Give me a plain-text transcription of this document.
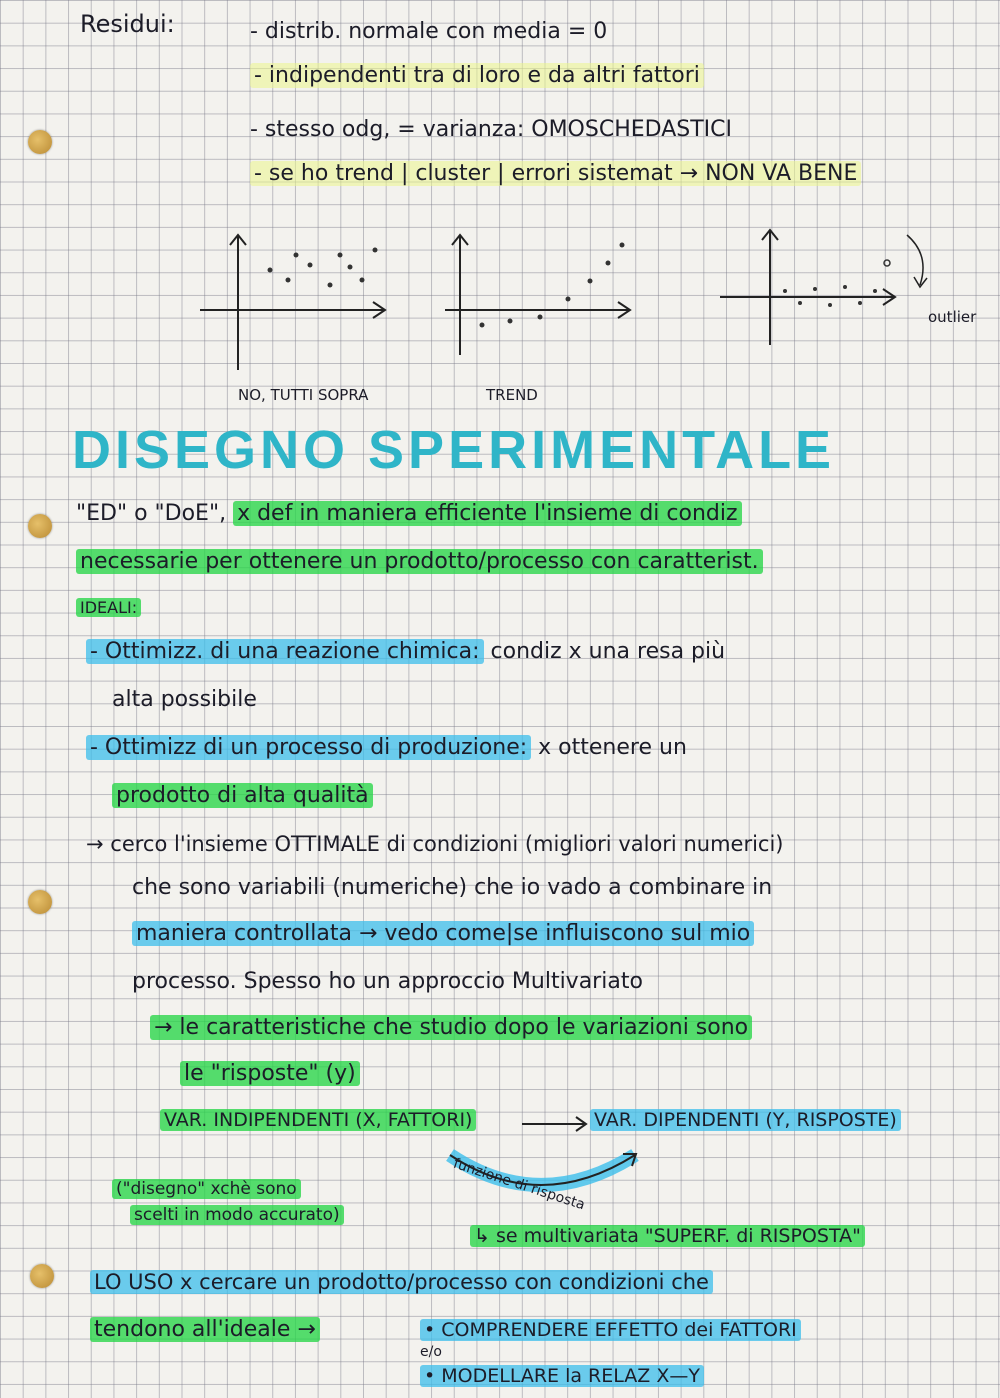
Residui:	- distrib. normale con media = 0
- indipendenti tra di loro e da altri fattori
- stesso odg, = varianza: OMOSCHEDASTICI
- se ho trend | cluster | errori sistemat → NON VA BENE
NO, TUTTI SOPRA	TREND
outlier
DISEGNO SPERIMENTALE
"ED" o "DoE", x def in maniera efficiente l'insieme di condiz
necessarie per ottenere un prodotto/processo con caratterist.
IDEALI:
- Ottimizz. di una reazione chimica: condiz x una resa più
alta possibile
- Ottimizz di un processo di produzione: x ottenere un
prodotto di alta qualità
→ cerco l'insieme OTTIMALE di condizioni (migliori valori numerici)
che sono variabili (numeriche) che io vado a combinare in
maniera controllata → vedo come|se influiscono sul mio
processo. Spesso ho un approccio Multivariato
→ le caratteristiche che studio dopo le variazioni sono
le "risposte" (y)
VAR. INDIPENDENTI (X, FATTORI)	VAR. DIPENDENTI (Y, RISPOSTE)
funzione di risposta
("disegno" xchè sono
scelti in modo accurato)
↳ se multivariata "SUPERF. di RISPOSTA"
LO USO x cercare un prodotto/processo con condizioni che
tendono all'ideale →	• COMPRENDERE EFFETTO dei FATTORI
e/o
• MODELLARE la RELAZ X—Y
